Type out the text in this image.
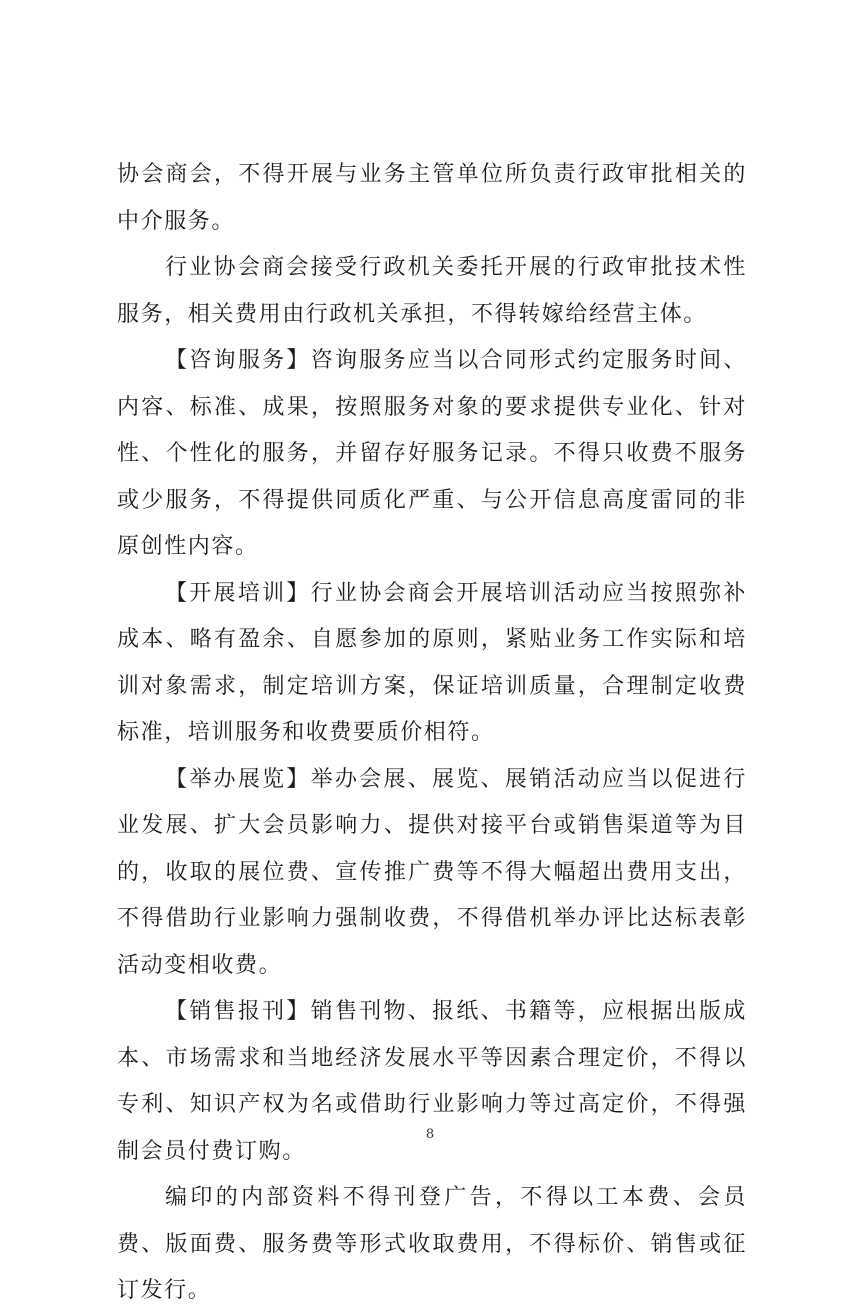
协会商会，不得开展与业务主管单位所负责行政审批相关的中介服务。

行业协会商会接受行政机关委托开展的行政审批技术性服务，相关费用由行政机关承担，不得转嫁给经营主体。

【咨询服务】咨询服务应当以合同形式约定服务时间、内容、标准、成果，按照服务对象的要求提供专业化、针对性、个性化的服务，并留存好服务记录。不得只收费不服务或少服务，不得提供同质化严重、与公开信息高度雷同的非原创性内容。

【开展培训】行业协会商会开展培训活动应当按照弥补成本、略有盈余、自愿参加的原则，紧贴业务工作实际和培训对象需求，制定培训方案，保证培训质量，合理制定收费标准，培训服务和收费要质价相符。

【举办展览】举办会展、展览、展销活动应当以促进行业发展、扩大会员影响力、提供对接平台或销售渠道等为目的，收取的展位费、宣传推广费等不得大幅超出费用支出，不得借助行业影响力强制收费，不得借机举办评比达标表彰活动变相收费。

【销售报刊】销售刊物、报纸、书籍等，应根据出版成本、市场需求和当地经济发展水平等因素合理定价，不得以专利、知识产权为名或借助行业影响力等过高定价，不得强制会员付费订购。

编印的内部资料不得刊登广告，不得以工本费、会员费、版面费、服务费等形式收取费用，不得标价、销售或征订发行。

8
